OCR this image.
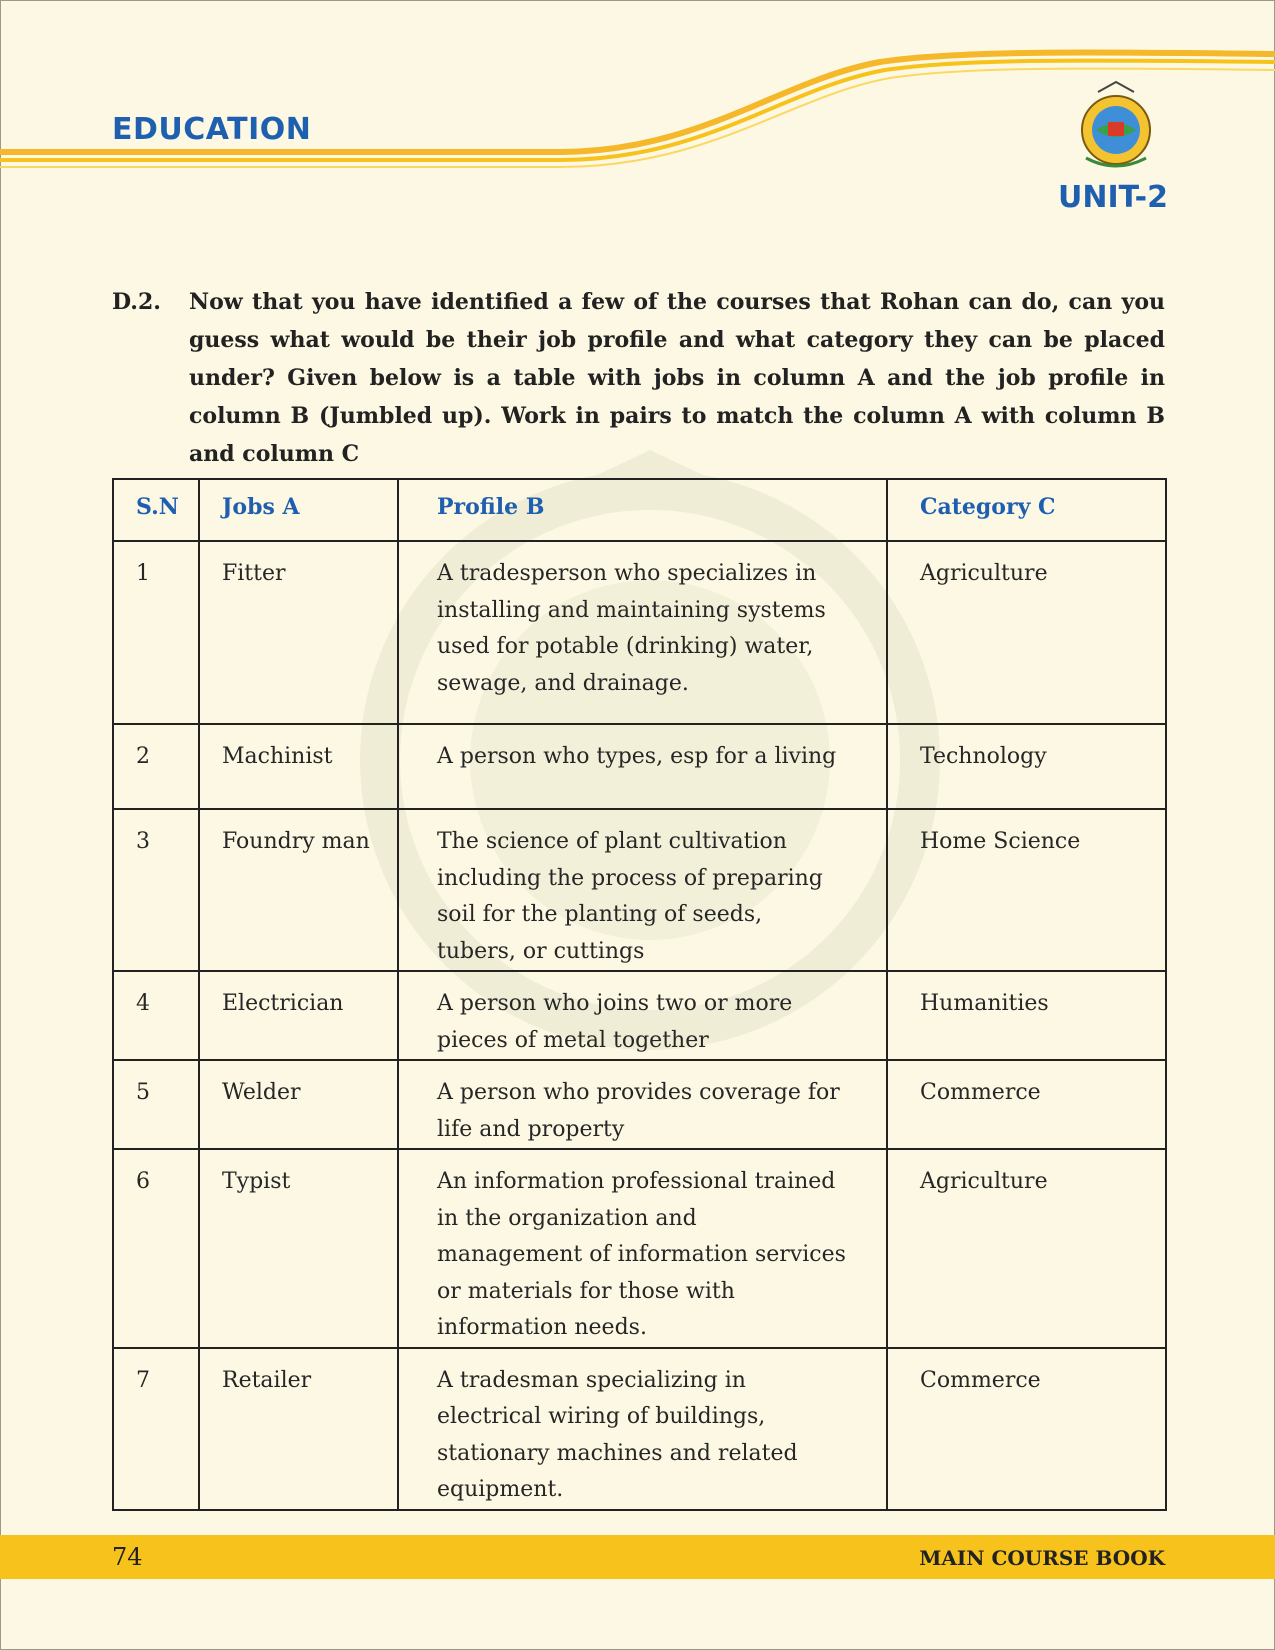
EDUCATION
UNIT-2
D.2. Now that you have identified a few of the courses that Rohan can do, can you guess what would be their job profile and what category they can be placed under? Given below is a table with jobs in column A and the job profile in column B (Jumbled up). Work in pairs to match the column A with column B and column C
S.N	Jobs A	Profile B	Category C
1	Fitter	A tradesperson who specializes in installing and maintaining systems used for potable (drinking) water, sewage, and drainage.	Agriculture
2	Machinist	A person who types, esp for a living	Technology
3	Foundry man	The science of plant cultivation including the process of preparing soil for the planting of seeds, tubers, or cuttings	Home Science
4	Electrician	A person who joins two or more pieces of metal together	Humanities
5	Welder	A person who provides coverage for life and property	Commerce
6	Typist	An information professional trained in the organization and management of information services or materials for those with information needs.	Agriculture
7	Retailer	A tradesman specializing in electrical wiring of buildings, stationary machines and related equipment.	Commerce
74	MAIN COURSE BOOK
